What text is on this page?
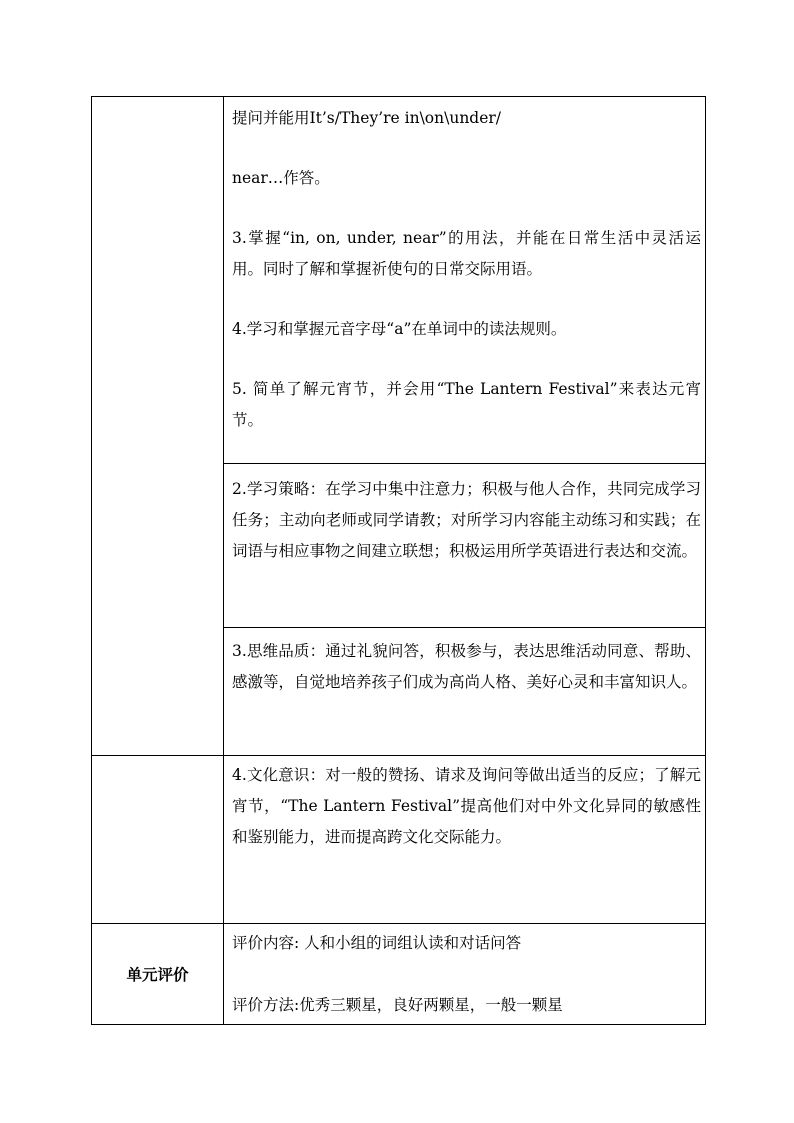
	提问并能用It’s/They’re in\on\under/
near…作答。
3.掌握“in, on, under, near”的用法，并能在日常生活中灵活运用。同时了解和掌握祈使句的日常交际用语。
4.学习和掌握元音字母“a”在单词中的读法规则。
5. 简单了解元宵节，并会用“The Lantern Festival”来表达元宵节。

	2.学习策略：在学习中集中注意力；积极与他人合作，共同完成学习任务；主动向老师或同学请教；对所学习内容能主动练习和实践；在词语与相应事物之间建立联想；积极运用所学英语进行表达和交流。

	3.思维品质：通过礼貌问答，积极参与，表达思维活动同意、帮助、感激等，自觉地培养孩子们成为高尚人格、美好心灵和丰富知识人。

	4.文化意识：对一般的赞扬、请求及询问等做出适当的反应；了解元宵节，“The Lantern Festival”提高他们对中外文化异同的敏感性和鉴别能力，进而提高跨文化交际能力。

单元评价	评价内容: 人和小组的词组认读和对话问答
评价方法:优秀三颗星，良好两颗星，一般一颗星
